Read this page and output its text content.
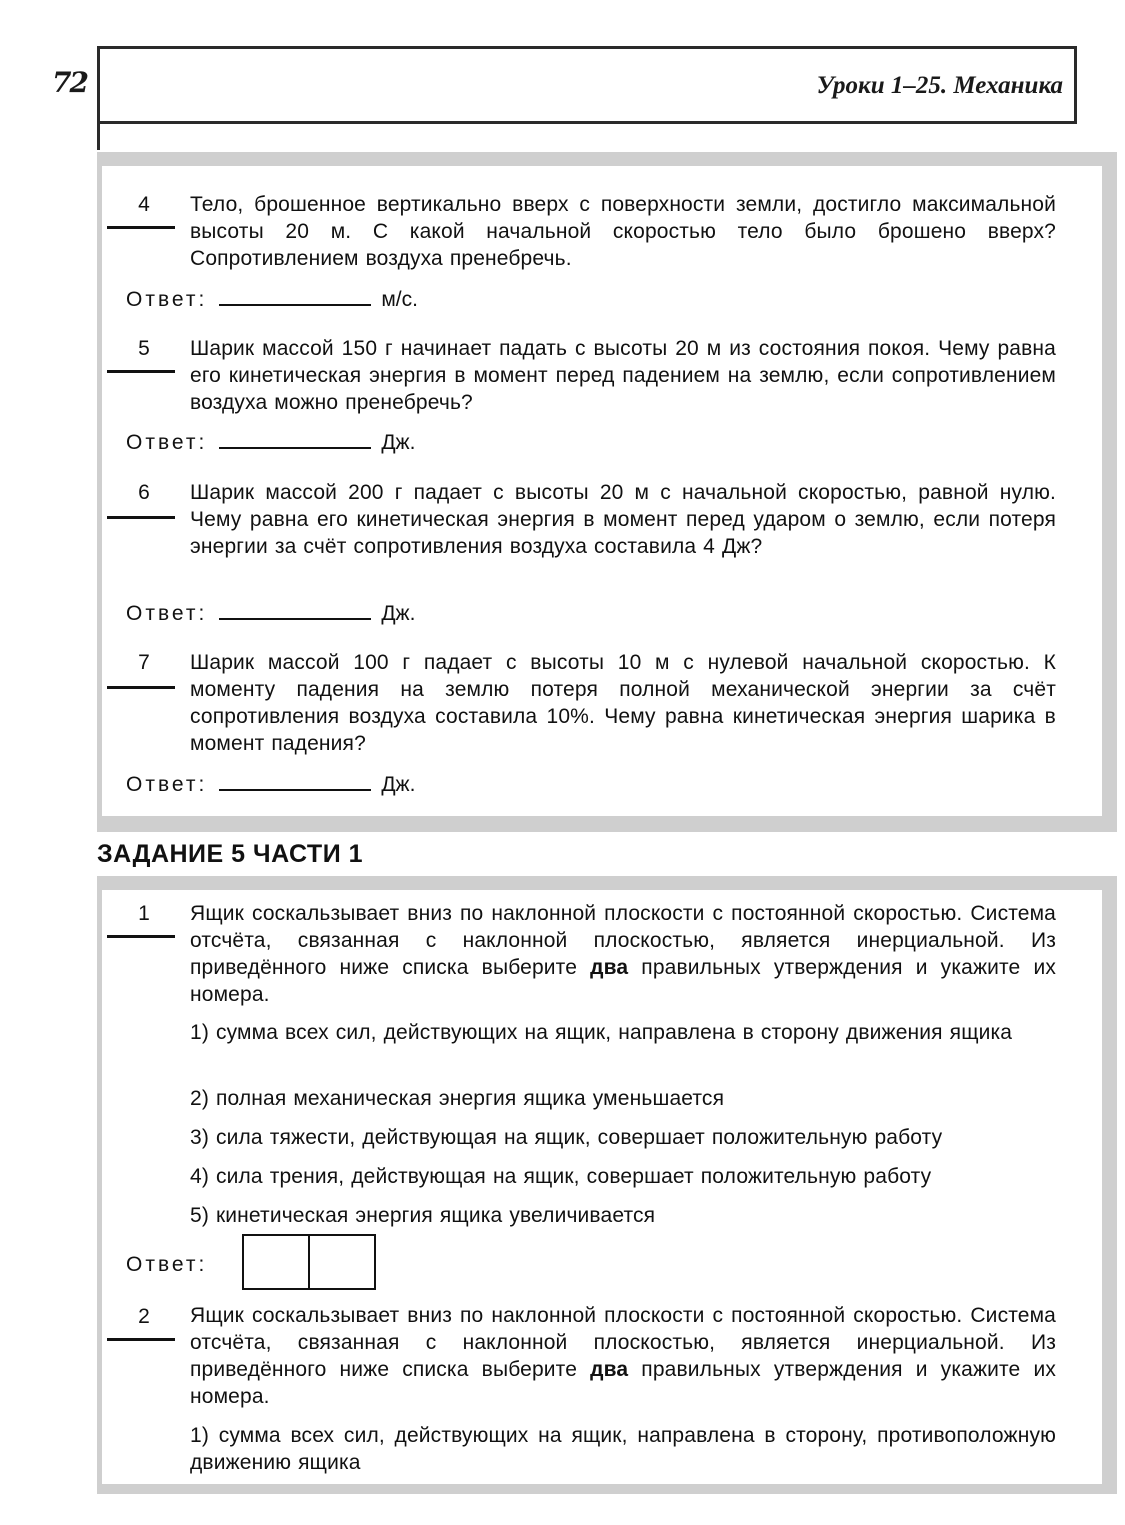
72	Уроки 1–25. Механика
4 Тело, брошенное вертикально вверх с поверхности земли, достигло максимальной высоты 20 м. С какой начальной скоростью тело было брошено вверх? Сопротивлением воздуха пренебречь.
Ответ:	м/с.
5 Шарик массой 150 г начинает падать с высоты 20 м из состояния покоя. Чему равна его кинетическая энергия в момент перед падением на землю, если сопротивлением воздуха можно пренебречь?
Ответ:	Дж.
6 Шарик массой 200 г падает с высоты 20 м с начальной скоростью, равной нулю. Чему равна его кинетическая энергия в момент перед ударом о землю, если потеря энергии за счёт сопротивления воздуха составила 4 Дж?
Ответ:	Дж.
7 Шарик массой 100 г падает с высоты 10 м с нулевой начальной скоростью. К моменту падения на землю потеря полной механической энергии за счёт сопротивления воздуха составила 10%. Чему равна кинетическая энергия шарика в момент падения?
Ответ:	Дж.
ЗАДАНИЕ 5 ЧАСТИ 1
1 Ящик соскальзывает вниз по наклонной плоскости с постоянной скоростью. Система отсчёта, связанная с наклонной плоскостью, является инерциальной. Из приведённого ниже списка выберите два правильных утверждения и укажите их номера.
1) сумма всех сил, действующих на ящик, направлена в сторону движения ящика
2) полная механическая энергия ящика уменьшается
3) сила тяжести, действующая на ящик, совершает положительную работу
4) сила трения, действующая на ящик, совершает положительную работу
5) кинетическая энергия ящика увеличивается
Ответ:
2 Ящик соскальзывает вниз по наклонной плоскости с постоянной скоростью. Система отсчёта, связанная с наклонной плоскостью, является инерциальной. Из приведённого ниже списка выберите два правильных утверждения и укажите их номера.
1) сумма всех сил, действующих на ящик, направлена в сторону, противоположную движению ящика
